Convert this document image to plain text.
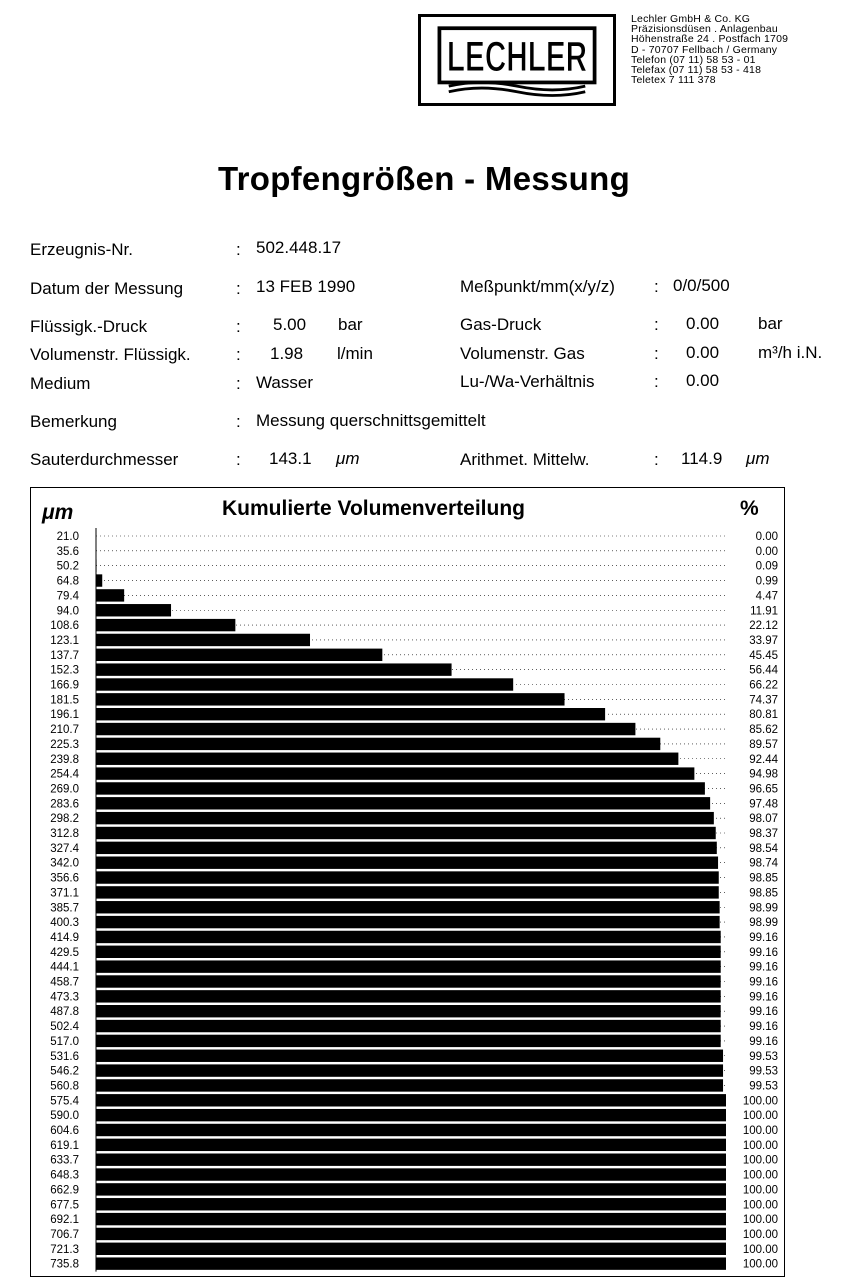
LECHLER
Lechler GmbH & Co. KG
Präzisionsdüsen . Anlagenbau
Höhenstraße 24 . Postfach 1709
D - 70707 Fellbach / Germany
Telefon (07 11) 58 53 - 01
Telefax (07 11) 58 53 - 418
Teletex 7 111 378
Tropfengrößen - Messung
Erzeugnis-Nr.	: 502.448.17
Datum der Messung	: 13 FEB 1990
Flüssigk.-Druck	: 5.00 bar
Volumenstr. Flüssigk.	: 1.98 l/min
Medium	: Wasser
Bemerkung	: Messung querschnittsgemittelt
Sauterdurchmesser	: 143.1 μm
Meßpunkt/mm(x/y/z) : 0/0/500
Gas-Druck	: 0.00 bar
Volumenstr. Gas	: 0.00 m³/h i.N.
Lu-/Wa-Verhältnis	: 0.00
Arithmet. Mittelw.	: 114.9 μm
μm	Kumulierte Volumenverteilung	%
21.0	0.00
35.6	0.00
50.2	0.09
64.8	0.99
79.4	4.47
94.0	11.91
108.6	22.12
123.1	33.97
137.7	45.45
152.3	56.44
166.9	66.22
181.5	74.37
196.1	80.81
210.7	85.62
225.3	89.57
239.8	92.44
254.4	94.98
269.0	96.65
283.6	97.48
298.2	98.07
312.8	98.37
327.4	98.54
342.0	98.74
356.6	98.85
371.1	98.85
385.7	98.99
400.3	98.99
414.9	99.16
429.5	99.16
444.1	99.16
458.7	99.16
473.3	99.16
487.8	99.16
502.4	99.16
517.0	99.16
531.6	99.53
546.2	99.53
560.8	99.53
575.4	100.00
590.0	100.00
604.6	100.00
619.1	100.00
633.7	100.00
648.3	100.00
662.9	100.00
677.5	100.00
692.1	100.00
706.7	100.00
721.3	100.00
735.8	100.00
